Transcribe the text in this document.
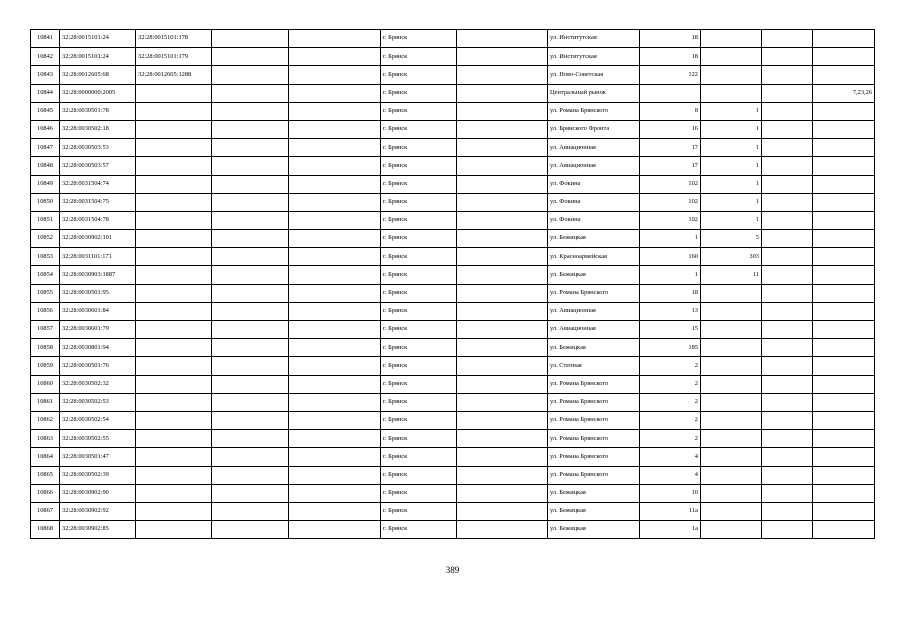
10841	32:28:0015101:24	32:28:0015101:178			г. Брянск		ул. Институтская	18			
10842	32:28:0015101:24	32:28:0015101:179			г. Брянск		ул. Институтская	18			
10843	32:28:0012605:68	32:28:0012605:1288			г. Брянск		ул. Ново-Советская	122			
10844	32:28:0000000:2005				г. Брянск		Центральный рынок				7,23,26
10845	32:28:0030501:78				г. Брянск		ул. Романа Брянского	8	1		
10846	32:28:0030502:18				г. Брянск		ул. Брянского Фронта	16	1		
10847	32:28:0030503:53				г. Брянск		ул. Авиационная	17	1		
10848	32:28:0030503:57				г. Брянск		ул. Авиационная	17	1		
10849	32:28:0031504:74				г. Брянск		ул. Фокина	102	1		
10850	32:28:0031504:75				г. Брянск		ул. Фокина	102	1		
10851	32:28:0031504:78				г. Брянск		ул. Фокина	102	1		
10852	32:28:0030902:101				г. Брянск		ул. Бежицкая	1	5		
10853	32:28:0031101:171				г. Брянск		ул. Красноармейская	160	303		
10854	32:28:0030903:1887				г. Брянск		ул. Бежицкая	1	11		
10855	32:28:0030501:95				г. Брянск		ул. Романа Брянского	18			
10856	32:28:0030601:84				г. Брянск		ул. Авиационная	13			
10857	32:28:0030601:79				г. Брянск		ул. Авиационная	15			
10858	32:28:0030801:94				г. Брянск		ул. Бежицкая	185			
10859	32:28:0030501:76				г. Брянск		ул. Степная	2			
10860	32:28:0030502:32				г. Брянск		ул. Романа Брянского	2			
10861	32:28:0030502:53				г. Брянск		ул. Романа Брянского	2			
10862	32:28:0030502:54				г. Брянск		ул. Романа Брянского	2			
10863	32:28:0030502:55				г. Брянск		ул. Романа Брянского	2			
10864	32:28:0030501:47				г. Брянск		ул. Романа Брянского	4			
10865	32:28:0030502:39				г. Брянск		ул. Романа Брянского	4			
10866	32:28:0030902:90				г. Брянск		ул. Бежицкая	10			
10867	32:28:0030902:92				г. Брянск		ул. Бежицкая	11а			
10868	32:28:0030902:85				г. Брянск		ул. Бежицкая	1а			
389
